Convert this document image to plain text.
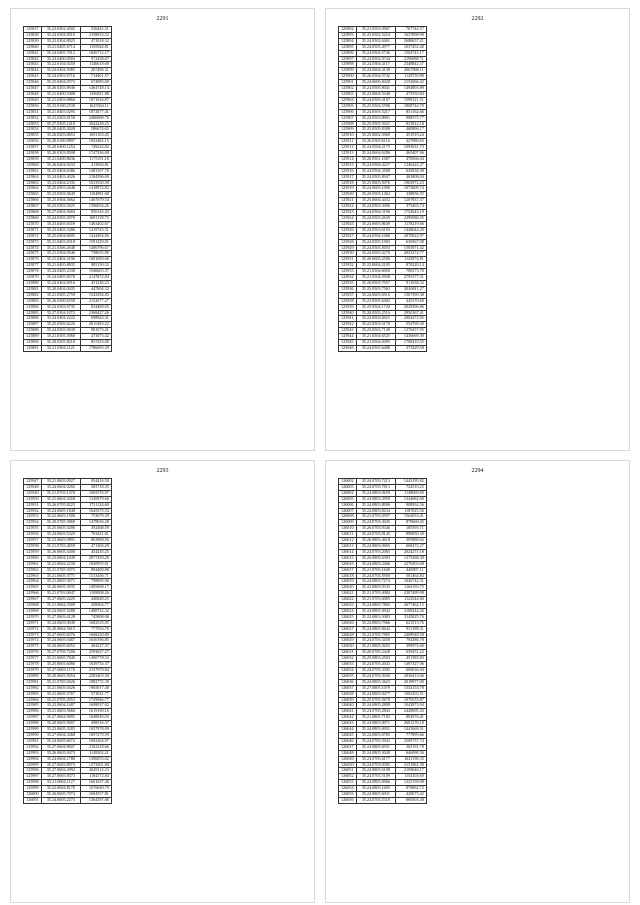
2291
125837	35.22.0302.4502	536441.51
125838	35.24.0304.8510	2158633.52
125839	35.22.0304.8925	471018.32
125840	35.21.0405.6714	1195944.81
125841	35.24.0405.7012	1826712.17
125842	35.24.0400.0504	972438.07
125843	35.22.0104.0258	1146618.69
125844	35.24.0404.5085	207496.31
125845	35.24.0303.6716	714401.57
125846	35.25.0404.0573	674085.09
125847	35.26.0203.8946	1464748.13
125848	35.21.0400.5408	1396811.88
125849	35.21.0403.0860	1071016.87
125850	35.23.0100.2530	1625564.11
125851	35.21.0403.0295	1872877.41
125852	35.21.0203.0158	2486908.70
125853	35.27.0305.1410	2042228.25
125854	35.20.0405.3028	586674.65
125855	35.26.0203.0653	1691163.45
125856	35.28.0100.9897	1943482.15
125857	35.20.0400.1254	749224.82
125858	35.20.0303.8508	1747336.08
125859	35.21.0400.8636	1175191.16
125860	35.26.0404.0233	413694.81
125861	35.25.0404.6386	1483107.78
125862	35.24.0403.4026	2184596.09
125863	35.23.0404.2335	1633530.58
125864	35.25.0303.2648	1418972.82
125865	35.23.0303.5649	1104981.68
125866	35.25.0304.3662	1467679.54
125867	35.25.0303.3025	1396054.26
125868	35.27.0404.5684	856145.43
125869	35.24.0303.3978	1681139.75
125870	35.23.0405.0459	1463402.67
125871	35.23.0405.3286	1419743.31
125872	35.25.0404.6605	1424494.06
125873	35.21.0403.0318	1591229.01
125874	35.21.0306.2640	1406796.67
125875	35.21.0304.9546	758635.89
125876	35.21.0404.3196	1681693.68
125877	35.21.0405.8835	885150.33
125878	35.24.0405.2338	1946603.37
125879	35.24.0405.8578	2147872.84
125880	35.24.0404.6916	451236.23
125881	35.20.0404.0435	447694.32
125882	35.21.0305.2759	1543394.83
125883	35.26.0300.6558	2152077.27
125884	35.24.0303.0735	834469.05
125885	35.27.0304.1072	2368427.26
125886	35.24.0404.2222	698943.31
125887	35.25.0305.6226	2015483.22
125888	35.24.0303.5639	981073.41
125889	35.21.0305.5060	473075.42
125890	35.20.0305.8218	857433.08
125891	35.21.0304.1121	1786693.39
2292
125892	35.21.0503.5967	767742.57
125893	35.25.0502.5254	1637898.99
125894	35.24.0502.6461	2688657.21
125895	35.24.0505.4977	1037452.40
125896	35.24.0504.5746	1504743.17
125897	35.24.0502.0744	2196088.71
125898	35.24.0504.4117	2348842.37
125899	35.24.0604.4138	2067896.11
125900	35.26.0504.5742	1129739.89
125901	35.24.0606.8428	2152666.42
125902	35.24.0505.8041	1494803.89
125903	35.23.0604.5348	475550.84
125904	35.24.0505.4167	1598121.51
125905	35.25.0504.5596	1808744.79
125906	35.24.0503.5217	851162.66
125907	35.24.0503.8901	998575.77
125908	35.25.0505.5021	831812.18
125909	35.25.0505.8308	460896.17
125910	35.25.0602.5069	451919.24
125911	35.26.0503.6116	427980.63
125912	35.24.0504.2175	1093631.73
125913	35.24.0604.6286	465407.06
125914	35.20.0501.1007	470566.04
125915	35.24.0504.4227	1246222.27
125916	35.24.0504.3508	645838.48
125917	35.24.0505.8947	463808.04
125918	35.25.0603.5076	1963972.23
125919	35.24.0605.1090	1073609.74
125920	35.20.0505.1462	338956.55
125921	35.25.0604.4432	1207837.37
125922	35.24.0503.3096	375463.74
125923	35.24.0504.3196	1752643.19
125924	35.24.0503.2639	2299586.35
125925	35.24.0603.8649	1178219.66
125926	35.24.0503.6193	1448644.29
125927	35.24.0504.1068	2070022.97
125928	35.24.0505.1903	636567.08
125929	35.24.0503.5053	1503971.42
125930	35.24.0503.4270	2023474.77
125931	35.20.0605.2586	1143874.81
125932	35.22.0604.2105	870220.14
125933	35.21.0504.6050	786373.70
125934	35.21.0504.5938	2795377.31
125935	35.26.0503.7057	911038.32
125936	35.25.0503.7562	2026811.27
125937	35.24.0603.0516	1567399.38
125938	35.23.0505.6403	445370.68
125939	35.25.0504.1720	2029396.86
125940	35.20.0503.2516	2950167.41
125941	35.24.0503.6921	2002472.05
125942	35.22.0503.5170	554769.30
125943	35.25.0503.7149	1270457.95
125944	35.21.0504.6525	1436669.30
125945	35.21.0504.9495	1708410.55
125946	35.24.0505.6408	375429.58
2293
125947	35.21.0603.0927	954416.58
125948	35.24.0604.0202	583718.35
125949	35.21.0703.1470	1065576.97
125950	35.21.0604.3458	1326979.66
125951	35.26.0705.8223	1751124.60
125952	35.24.0605.1848	1645575.54
125953	35.22.0603.1500	753679.39
125954	35.20.0705.5869	1478036.28
125955	35.25.0605.3206	392468.59
125956	35.24.0603.5325	703421.01
125957	35.23.0603.0891	863908.96
125958	35.21.0703.4659	471304.29
125959	35.26.0605.5400	454235.25
125960	35.23.0604.1049	2077459.20
125961	35.21.0604.2230	1820955.61
125962	35.21.0705.5075	894409.88
125963	35.21.0605.3771	1513456.71
125964	35.21.0605.3071	798895.90
125965	35.26.0605.3935	1495608.17
125966	35.21.0703.9047	1109008.26
125967	35.27.0605.2225	440048.25
125968	35.21.0604.3589	458364.77
125969	35.24.0605.5288	1488722.32
125970	35.27.0603.4128	745808.06
125971	35.24.0603.9049	1682535.05
125972	35.20.0604.5615	777054.76
125973	35.27.0605.6076	1668220.80
125974	35.24.0605.0487	1630196.85
125975	35.26.0605.6052	404227.37
125976	35.27.0705.7206	2593637.27
125977	35.21.0605.7840	1490778.33
125978	35.25.0603.6086	1639754.37
125979	35.27.0603.1176	2137970.84
125980	35.20.0603.5054	2283403.30
125981	35.21.0705.0426	1882772.39
125982	35.21.0605.0426	1965017.48
125983	35.21.0605.5767	571031.77
125984	35.21.0705.2953	1729946.77
125985	35.22.0604.1407	1698037.02
125986	35.21.0603.5666	1619190.16
125987	35.27.0604.9095	1048949.03
125988	35.20.0603.9007	498516.37
125989	35.23.0605.3283	1037978.99
125990	35.27.0604.3468	1097279.59
125991	35.24.0605.6072	1082264.97
125992	35.27.0604.8607	2102318.66
125993	35.26.0605.9473	1148302.21
125994	35.24.0604.1788	1396053.02
125995	35.27.0603.8973	1273301.80
125996	35.27.0604.4992	2028112.23
125997	35.27.0605.8373	1184172.84
125998	35.21.0604.1127	1601637.46
125999	35.22.0604.8178	1076049.79
126000	35.26.0605.7074	1694557.81
126001	35.24.0605.2275	1364397.86
2294
126002	35.24.0703.7213	1443195.82
126003	35.24.0703.7813	724510.25
126004	35.24.0803.0659	1148069.69
126005	35.24.0803.2959	1344682.00
126006	35.24.0803.8006	908934.56
126007	35.24.0803.8234	1187025.56
126008	35.21.0705.0597	1562053.41
126009	35.24.0703.3045	879669.45
126010	35.26.0703.9346	185393.71
126011	35.24.0705.8145	898050.30
126012	35.26.0803.4618	395888.62
126013	35.24.0803.0665	668472.27
126014	35.24.0703.2065	2024271.18
126015	35.26.0805.6393	1375368.38
126016	35.24.0803.2466	2276303.68
126017	35.21.0705.1649	448897.11
126018	35.24.0703.5950	501464.83
126019	35.24.0803.7274	1640742.31
126020	35.22.0803.9335	1164193.75
126021	35.21.0705.0084	2307499.98
126022	35.21.0705.6005	1122544.00
126023	35.24.0803.7805	2677462.15
126024	35.24.0805.4942	2108444.26
126025	35.22.0803.5083	3145825.76
126026	35.24.0803.7966	621513.76
126027	35.24.0805.8642	931188.31
126028	35.22.0705.7805	2408948.58
126029	35.24.0703.3458	794386.78
126030	35.21.0805.0203	399974.60
126031	35.26.0705.2428	639451.22
126032	35.25.0803.2503	451383.83
126033	35.24.0705.2043	1497327.06
126034	35.24.0705.3305	669636.94
126035	35.24.0703.3030	2036413.66
126036	35.24.0805.3623	2019977.00
126037	35.27.0805.1079	1532153.78
126038	35.24.0803.9477	1002203.51
126039	35.25.0705.5678	1070533.87
126040	35.24.0805.2808	1043873.94
126041	35.24.0705.2843	2428005.43
126042	35.21.0805.7183	892976.41
126043	35.24.0803.0071	2601276.18
126044	35.24.0803.6931	1441669.31
126045	35.24.0803.6785	777895.66
126046	35.24.0705.5042	2509737.74
126047	35.24.0805.6931	365191.78
126048	35.24.0805.3049	646998.36
126049	35.24.0705.6177	1641190.35
126050	35.24.0703.0305	2151961.39
126051	35.24.0805.6108	2109646.17
126052	35.24.0703.5109	1154103.69
126053	35.24.0805.6966	1223159.98
126054	35.24.0805.1605	870062.72
126055	35.24.0805.6931	420673.42
126056	35.24.0703.5318	860503.48
